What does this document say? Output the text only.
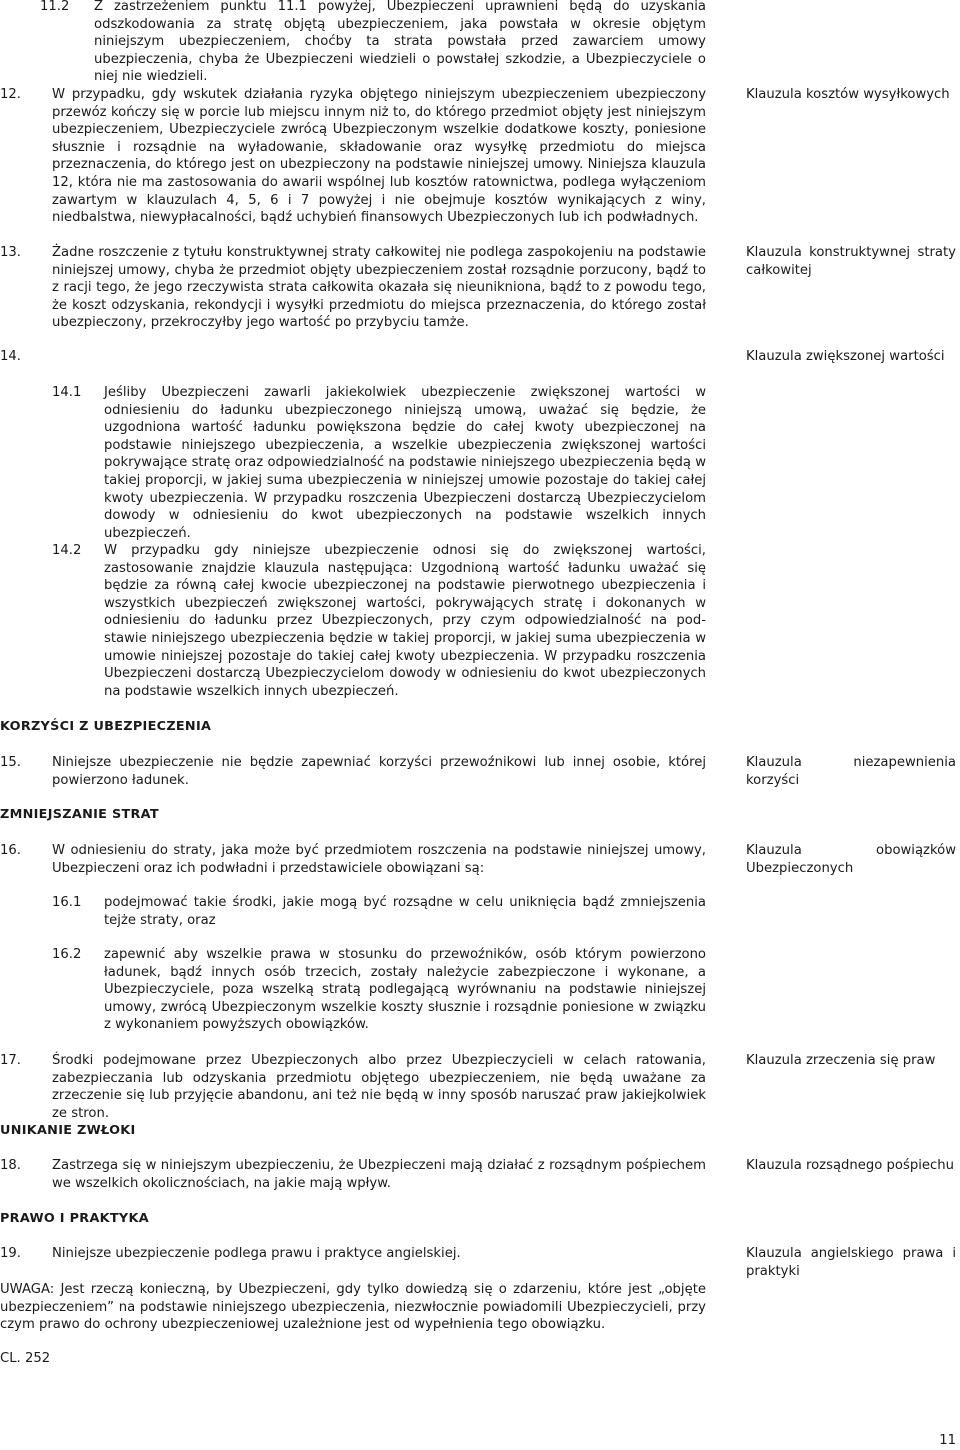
11.2 Z zastrzeżeniem punktu 11.1 powyżej, Ubezpieczeni uprawnieni będą do uzyskania odszkodowania za stratę objętą ubezpieczeniem, jaka powstała w okresie objętym niniejszym ubezpieczeniem, choćby ta strata powstała przed zawarciem umowy ubezpieczenia, chyba że Ubezpieczeni wiedzieli o powstałej szkodzie, a Ubezpieczyciele o niej nie wiedzieli.
12. W przypadku, gdy wskutek działania ryzyka objętego niniejszym ubezpieczeniem ubezpieczony przewóz kończy się w porcie lub miejscu innym niż to, do którego przedmiot objęty jest niniejszym ubezpieczeniem, Ubezpieczyciele zwrócą Ubezpieczonym wszelkie dodatkowe koszty, poniesione słusznie i rozsądnie na wyładowanie, składowanie oraz wysyłkę przedmiotu do miejsca przeznaczenia, do którego jest on ubezpieczony na podstawie niniejszej umowy. Niniejsza klauzula 12, która nie ma zastosowania do awarii wspólnej lub kosztów ratownictwa, podlega wyłączeniom zawartym w klauzulach 4, 5, 6 i 7 powyżej i nie obejmuje kosztów wynikających z winy, niedbalstwa, niewypłacalności, bądź uchybień finansowych Ubezpieczonych lub ich podwładnych.
Klauzula kosztów wysyłkowych
13. Żadne roszczenie z tytułu konstruktywnej straty całkowitej nie podlega zaspokojeniu na podstawie niniejszej umowy, chyba że przedmiot objęty ubezpieczeniem został rozsądnie porzucony, bądź to z racji tego, że jego rzeczywista strata całkowita okazała się nieunikniona, bądź to z powodu tego, że koszt odzyskania, rekondycji i wysyłki przedmiotu do miejsca przeznaczenia, do którego został ubezpieczony, przekroczyłby jego wartość po przybyciu tamże.
Klauzula konstruktywnej straty całkowitej
14.	Klauzula zwiększonej wartości
14.1 Jeśliby Ubezpieczeni zawarli jakiekolwiek ubezpieczenie zwiększonej wartości w odniesieniu do ładunku ubezpieczonego niniejszą umową, uważać się będzie, że uzgodniona wartość ładunku powiększona będzie do całej kwoty ubezpieczonej na podstawie niniejszego ubezpieczenia, a wszelkie ubezpieczenia zwiększonej wartości pokrywające stratę oraz odpowiedzialność na podstawie niniejszego ubezpieczenia będą w takiej proporcji, w jakiej suma ubezpieczenia w niniejszej umowie pozostaje do takiej całej kwoty ubezpieczenia. W przypadku roszczenia Ubezpieczeni dostarczą Ubezpieczycielom dowody w odniesieniu do kwot ubezpieczonych na podstawie wszelkich innych ubezpieczeń.
14.2 W przypadku gdy niniejsze ubezpieczenie odnosi się do zwiększonej wartości, zastosowanie znajdzie klauzula następująca: Uzgodnioną wartość ładunku uważać się będzie za równą całej kwocie ubezpieczonej na podstawie pierwotnego ubezpieczenia i wszystkich ubezpieczeń zwiększonej wartości, pokrywających stratę i dokonanych w odniesieniu do ładunku przez Ubezpieczonych, przy czym odpowiedzialność na pod- stawie niniejszego ubezpieczenia będzie w takiej proporcji, w jakiej suma ubezpieczenia w umowie niniejszej pozostaje do takiej całej kwoty ubezpieczenia. W przypadku roszczenia Ubezpieczeni dostarczą Ubezpieczycielom dowody w odniesieniu do kwot ubezpieczonych na podstawie wszelkich innych ubezpieczeń.
KORZYŚCI Z UBEZPIECZENIA
15. Niniejsze ubezpieczenie nie będzie zapewniać korzyści przewoźnikowi lub innej osobie, której powierzono ładunek.
Klauzula niezapewnienia korzyści
ZMNIEJSZANIE STRAT
16. W odniesieniu do straty, jaka może być przedmiotem roszczenia na podstawie niniejszej umowy, Ubezpieczeni oraz ich podwładni i przedstawiciele obowiązani są:
Klauzula obowiązków Ubezpieczonych
16.1 podejmować takie środki, jakie mogą być rozsądne w celu uniknięcia bądź zmniejszenia tejże straty, oraz
16.2 zapewnić aby wszelkie prawa w stosunku do przewoźników, osób którym powierzono ładunek, bądź innych osób trzecich, zostały należycie zabezpieczone i wykonane, a Ubezpieczyciele, poza wszelką stratą podlegającą wyrównaniu na podstawie niniejszej umowy, zwrócą Ubezpieczonym wszelkie koszty słusznie i rozsądnie poniesione w związku z wykonaniem powyższych obowiązków.
17. Środki podejmowane przez Ubezpieczonych albo przez Ubezpieczycieli w celach ratowania, zabezpieczania lub odzyskania przedmiotu objętego ubezpieczeniem, nie będą uważane za zrzeczenie się lub przyjęcie abandonu, ani też nie będą w inny sposób naruszać praw jakiejkolwiek ze stron.
Klauzula zrzeczenia się praw
UNIKANIE ZWŁOKI
18. Zastrzega się w niniejszym ubezpieczeniu, że Ubezpieczeni mają działać z rozsądnym pośpiechem we wszelkich okolicznościach, na jakie mają wpływ.
Klauzula rozsądnego pośpiechu
PRAWO I PRAKTYKA
19. Niniejsze ubezpieczenie podlega prawu i praktyce angielskiej.	Klauzula angielskiego prawa i praktyki
UWAGA: Jest rzeczą konieczną, by Ubezpieczeni, gdy tylko dowiedzą się o zdarzeniu, które jest „objęte ubezpieczeniem” na podstawie niniejszego ubezpieczenia, niezwłocznie powiadomili Ubezpieczycieli, przy czym prawo do ochrony ubezpieczeniowej uzależnione jest od wypełnienia tego obowiązku.
CL. 252
11
